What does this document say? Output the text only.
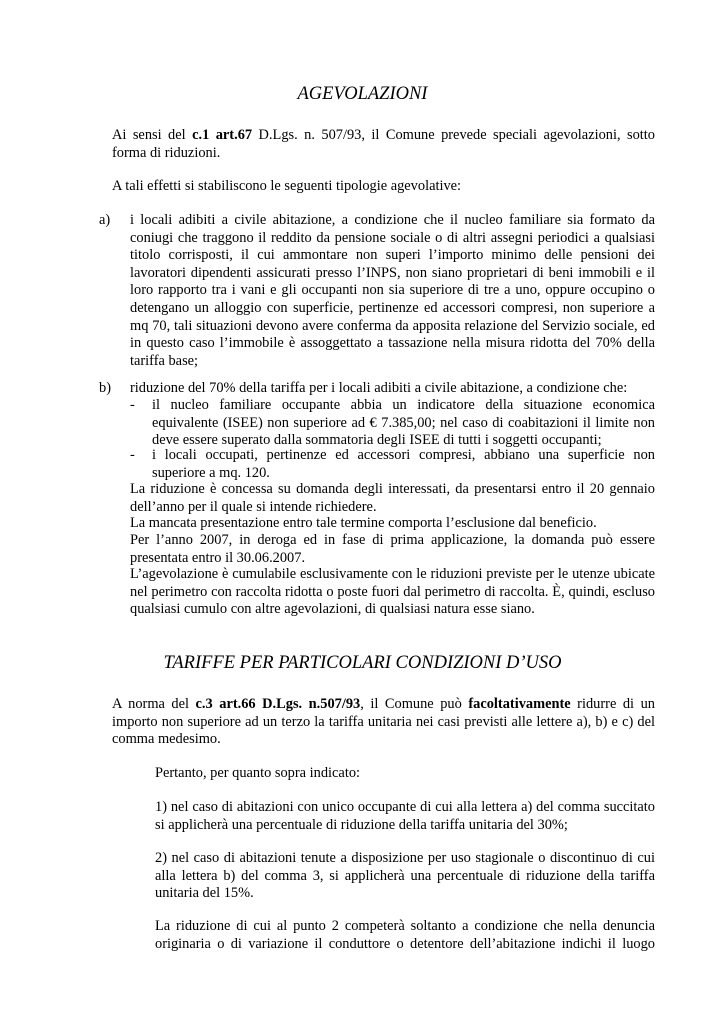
AGEVOLAZIONI
Ai sensi del c.1 art.67 D.Lgs. n. 507/93, il Comune prevede speciali agevolazioni, sotto forma di riduzioni.
A tali effetti si stabiliscono le seguenti tipologie agevolative:
a) i locali adibiti a civile abitazione, a condizione che il nucleo familiare sia formato da coniugi che traggono il reddito da pensione sociale o di altri assegni periodici a qualsiasi titolo corrisposti, il cui ammontare non superi l’importo minimo delle pensioni dei lavoratori dipendenti assicurati presso l’INPS, non siano proprietari di beni immobili e il loro rapporto tra i vani e gli occupanti non sia superiore di tre a uno, oppure occupino o detengano un alloggio con superficie, pertinenze ed accessori compresi, non superiore a mq 70, tali situazioni devono avere conferma da apposita relazione del Servizio sociale, ed in questo caso l’immobile è assoggettato a tassazione nella misura ridotta del 70% della tariffa base;
b) riduzione del 70% della tariffa per i locali adibiti a civile abitazione, a condizione che:
- il nucleo familiare occupante abbia un indicatore della situazione economica equivalente (ISEE) non superiore ad € 7.385,00; nel caso di coabitazioni il limite non deve essere superato dalla sommatoria degli ISEE di tutti i soggetti occupanti;
- i locali occupati, pertinenze ed accessori compresi, abbiano una superficie non superiore a mq. 120.
La riduzione è concessa su domanda degli interessati, da presentarsi entro il 20 gennaio dell’anno per il quale si intende richiedere.
La mancata presentazione entro tale termine comporta l’esclusione dal beneficio.
Per l’anno 2007, in deroga ed in fase di prima applicazione, la domanda può essere presentata entro il 30.06.2007.
L’agevolazione è cumulabile esclusivamente con le riduzioni previste per le utenze ubicate nel perimetro con raccolta ridotta o poste fuori dal perimetro di raccolta. È, quindi, escluso qualsiasi cumulo con altre agevolazioni, di qualsiasi natura esse siano.
TARIFFE PER PARTICOLARI CONDIZIONI D’USO
A norma del c.3 art.66 D.Lgs. n.507/93, il Comune può facoltativamente ridurre di un importo non superiore ad un terzo la tariffa unitaria nei casi previsti alle lettere a), b) e c) del comma medesimo.
Pertanto, per quanto sopra indicato:
1) nel caso di abitazioni con unico occupante di cui alla lettera a) del comma succitato si applicherà una percentuale di riduzione della tariffa unitaria del 30%;
2) nel caso di abitazioni tenute a disposizione per uso stagionale o discontinuo di cui alla lettera b) del comma 3, si applicherà una percentuale di riduzione della tariffa unitaria del 15%.
La riduzione di cui al punto 2 competerà soltanto a condizione che nella denuncia originaria o di variazione il conduttore o detentore dell’abitazione indichi il luogo
